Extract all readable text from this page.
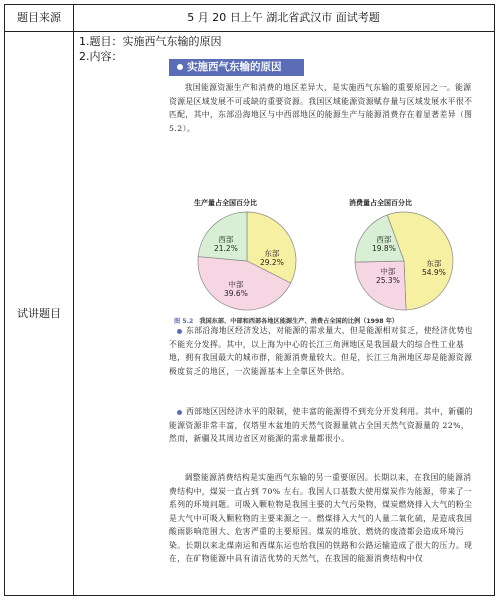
题目来源	5 月 20 日上午 湖北省武汉市 面试考题
试讲题目
1.题目：实施西气东输的原因
2.内容：
实施西气东输的原因
我国能源资源生产和消费的地区差异大，是实施西气东输的重要原因之一。能源资源是区域发展不可或缺的重要资源。我国区域能源资源赋存量与区域发展水平很不匹配，其中，东部沿海地区与中西部地区的能源生产与能源消费存在着显著差异（图 5.2）。
生产量占全国百分比	消费量占全国百分比
西部
21.2%
东部
29.2%
中部
39.6%
西部
19.8%
东部
54.9%
中部
25.3%
图 5.2 我国东部、中部和西部各地区能源生产、消费占全国的比例（1998 年）
东部沿海地区经济发达，对能源的需求量大，但是能源相对贫乏，使经济优势也不能充分发挥。其中，以上海为中心的长江三角洲地区是我国最大的综合性工业基地，拥有我国最大的城市群，能源消费量较大。但是，长江三角洲地区却是能源资源极度贫乏的地区，一次能源基本上全靠区外供给。
西部地区因经济水平的限制，使丰富的能源得不到充分开发利用。其中，新疆的能源资源非常丰富，仅塔里木盆地的天然气资源量就占全国天然气资源量的 22%，然而，新疆及其周边省区对能源的需求量都很小。
调整能源消费结构是实施西气东输的另一重要原因。长期以来，在我国的能源消费结构中，煤炭一直占到 70% 左右。我国人口基数大使用煤炭作为能源，带来了一系列的环境问题。可吸入颗粒物是我国主要的大气污染物，煤炭燃烧排入大气的粉尘是大气中可吸入颗粒物的主要来源之一。燃煤排入大气的人量二氧化硫，是造成我国酸雨影响范围大、危害严重的主要原因。煤炭的堆放、燃烧的废渣都会造成环境污染。长期以来北煤南运和西煤东运也给我国的铁路和公路运输造成了很大的压力。现在，在矿物能源中具有清洁优势的天然气，在我国的能源消费结构中仅
